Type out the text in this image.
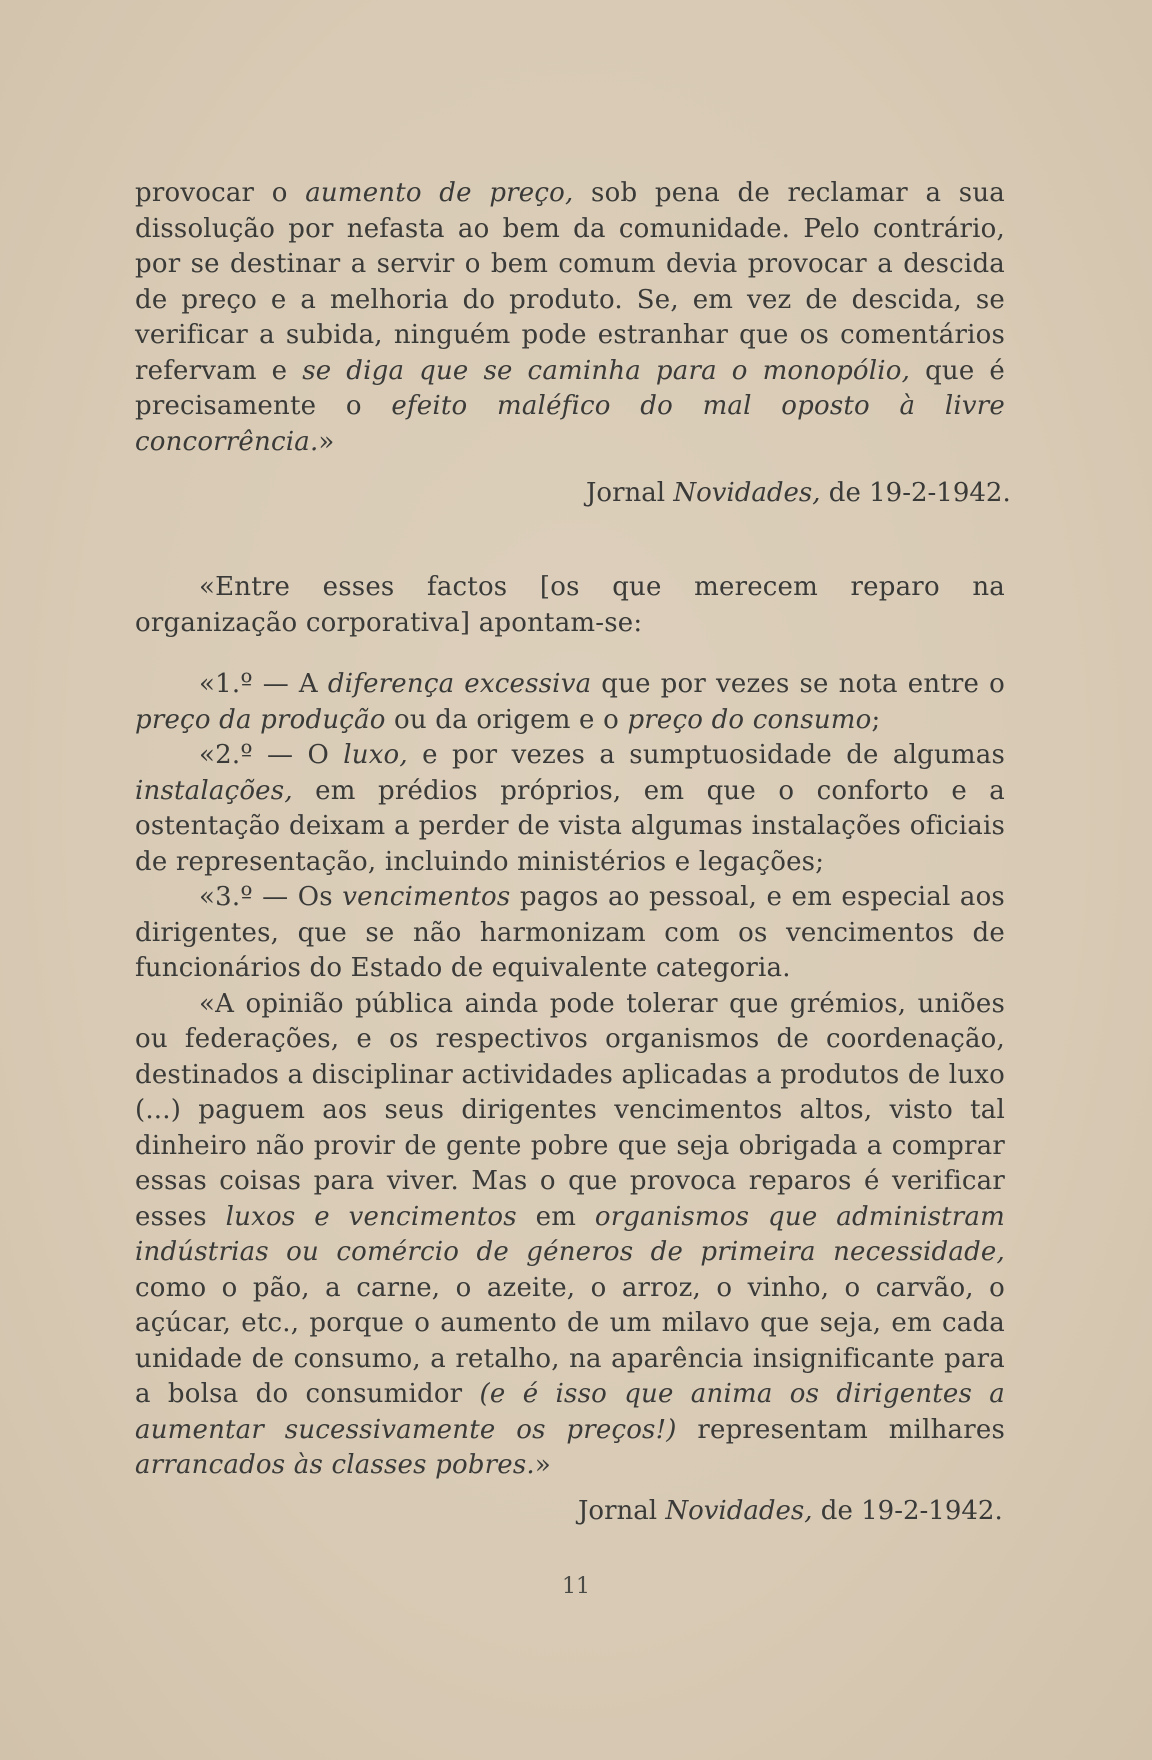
provocar o aumento de preço, sob pena de reclamar a sua dissolução por nefasta ao bem da comunidade. Pelo contrário, por se destinar a servir o bem comum devia provocar a descida de preço e a melhoria do produto. Se, em vez de descida, se verificar a subida, ninguém pode estranhar que os comentários refervam e se diga que se caminha para o monopólio, que é precisamente o efeito maléfico do mal oposto à livre concorrência.»

Jornal Novidades, de 19-2-1942.

«Entre esses factos [os que merecem reparo na organização corporativa] apontam-se:

«1.º — A diferença excessiva que por vezes se nota entre o preço da produção ou da origem e o preço do consumo;

«2.º — O luxo, e por vezes a sumptuosidade de algumas instalações, em prédios próprios, em que o conforto e a ostentação deixam a perder de vista algumas instalações oficiais de representação, incluindo ministérios e legações;

«3.º — Os vencimentos pagos ao pessoal, e em especial aos dirigentes, que se não harmonizam com os vencimentos de funcionários do Estado de equivalente categoria.

«A opinião pública ainda pode tolerar que grémios, uniões ou federações, e os respectivos organismos de coordenação, destinados a disciplinar actividades aplicadas a produtos de luxo (...) paguem aos seus dirigentes vencimentos altos, visto tal dinheiro não provir de gente pobre que seja obrigada a comprar essas coisas para viver. Mas o que provoca reparos é verificar esses luxos e vencimentos em organismos que administram indústrias ou comércio de géneros de primeira necessidade, como o pão, a carne, o azeite, o arroz, o vinho, o carvão, o açúcar, etc., porque o aumento de um milavo que seja, em cada unidade de consumo, a retalho, na aparência insignificante para a bolsa do consumidor (e é isso que anima os dirigentes a aumentar sucessivamente os preços!) representam milhares arrancados às classes pobres.»

Jornal Novidades, de 19-2-1942.
11
